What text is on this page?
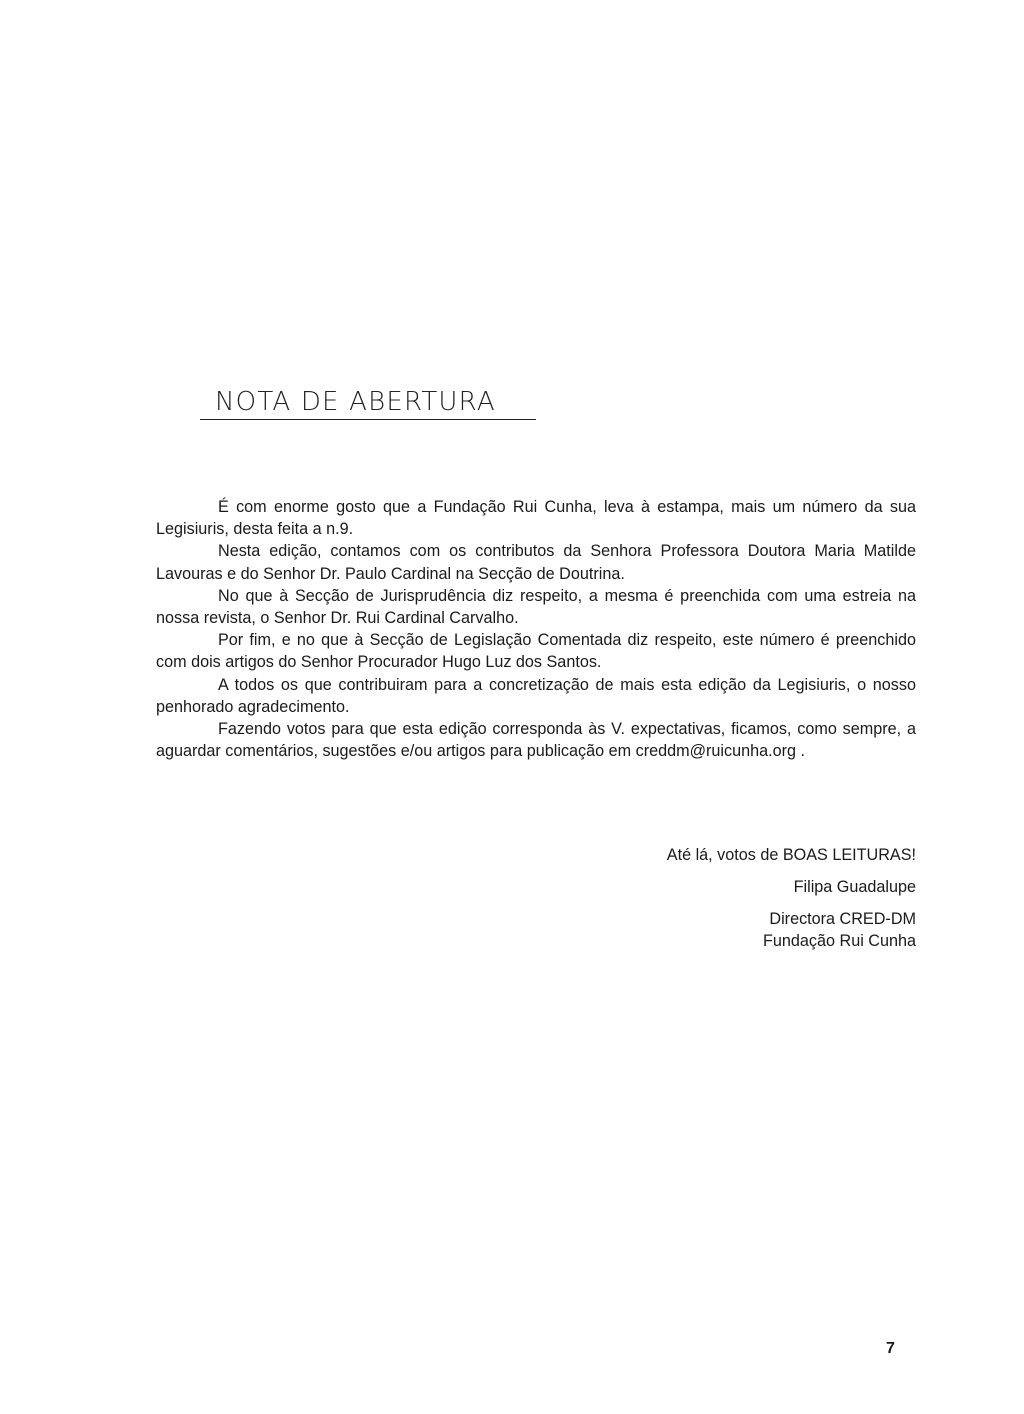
NOTA DE ABERTURA

É com enorme gosto que a Fundação Rui Cunha, leva à estampa, mais um número da sua Legisiuris, desta feita a n.9.

Nesta edição, contamos com os contributos da Senhora Professora Doutora Maria Matilde Lavouras e do Senhor Dr. Paulo Cardinal na Secção de Doutrina.

No que à Secção de Jurisprudência diz respeito, a mesma é preenchida com uma estreia na nossa revista, o Senhor Dr. Rui Cardinal Carvalho.

Por fim, e no que à Secção de Legislação Comentada diz respeito, este número é preenchido com dois artigos do Senhor Procurador Hugo Luz dos Santos.

A todos os que contribuiram para a concretização de mais esta edição da Legisiuris, o nosso penhorado agradecimento.

Fazendo votos para que esta edição corresponda às V. expectativas, ficamos, como sempre, a aguardar comentários, sugestões e/ou artigos para publicação em creddm@ruicunha.org .

Até lá, votos de BOAS LEITURAS!
Filipa Guadalupe
Directora CRED-DM
Fundação Rui Cunha
7
